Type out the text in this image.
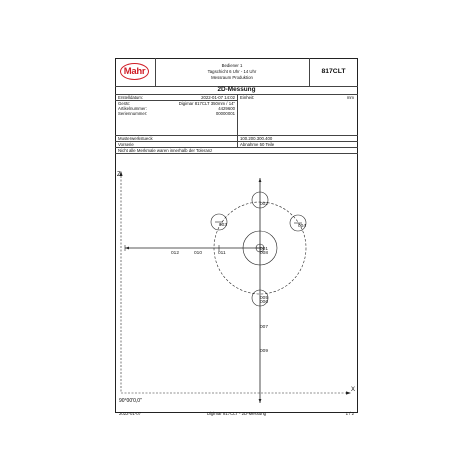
Mahr
Bediener 1
Tagschicht 6 Uhr - 14 Uhr
Messraum Produktion
817CLT
2D-Messung
Erstelldatum:	2022-01-07 14:02 Einheit:	mm
Gerät:	Digimar 817CLT 350mm / 14"
Artikelnummer:	4429600
Seriennummer:	00000001
Musterwerkstueck	100.200.300.400
Vorserie	Abnahme 50 Teile
Nicht alle Merkmale waren innerhalb der Toleranz
Z
X
90°00'0,0"
012	010	011
003
002
004
005
006
007
009
001
008
2022-01-07	Digimar 817CLT - 2D-Messung	1 / 2
